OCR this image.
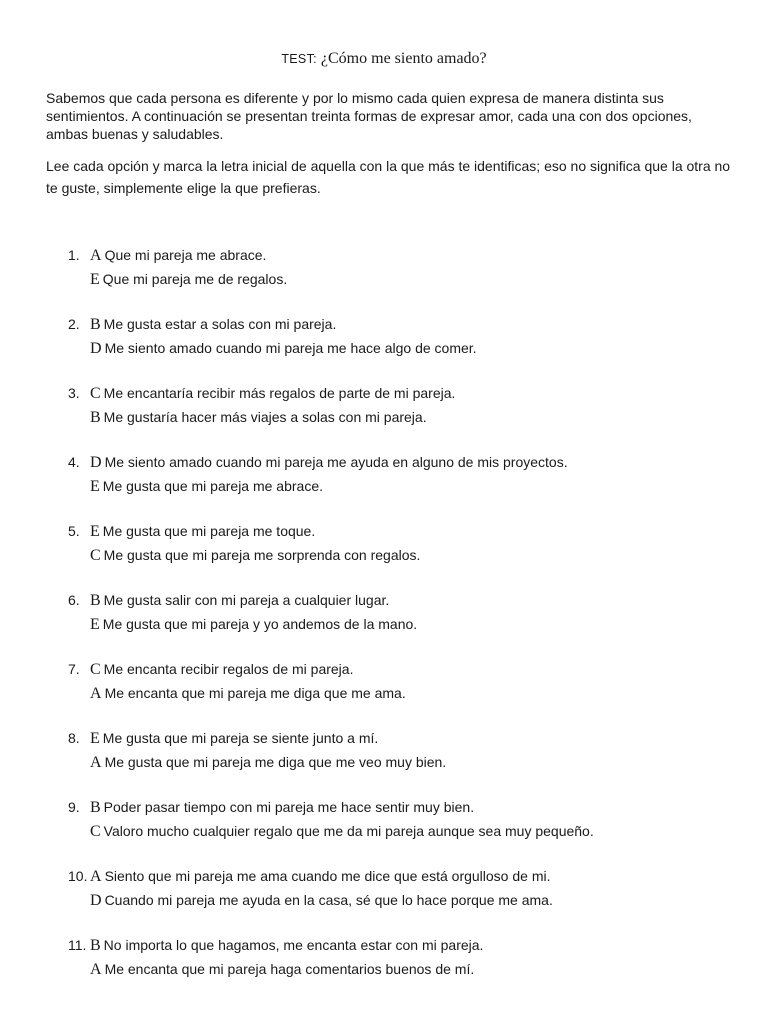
TEST: ¿Cómo me siento amado?

Sabemos que cada persona es diferente y por lo mismo cada quien expresa de manera distinta sus sentimientos. A continuación se presentan treinta formas de expresar amor, cada una con dos opciones, ambas buenas y saludables.

Lee cada opción y marca la letra inicial de aquella con la que más te identificas; eso no significa que la otra no te guste, simplemente elige la que prefieras.

1. A Que mi pareja me abrace.
E Que mi pareja me de regalos.
2. B Me gusta estar a solas con mi pareja.
D Me siento amado cuando mi pareja me hace algo de comer.
3. C Me encantaría recibir más regalos de parte de mi pareja.
B Me gustaría hacer más viajes a solas con mi pareja.
4. D Me siento amado cuando mi pareja me ayuda en alguno de mis proyectos.
E Me gusta que mi pareja me abrace.
5. E Me gusta que mi pareja me toque.
C Me gusta que mi pareja me sorprenda con regalos.
6. B Me gusta salir con mi pareja a cualquier lugar.
E Me gusta que mi pareja y yo andemos de la mano.
7. C Me encanta recibir regalos de mi pareja.
A Me encanta que mi pareja me diga que me ama.
8. E Me gusta que mi pareja se siente junto a mí.
A Me gusta que mi pareja me diga que me veo muy bien.
9. B Poder pasar tiempo con mi pareja me hace sentir muy bien.
C Valoro mucho cualquier regalo que me da mi pareja aunque sea muy pequeño.
10. A Siento que mi pareja me ama cuando me dice que está orgulloso de mi.
D Cuando mi pareja me ayuda en la casa, sé que lo hace porque me ama.
11. B No importa lo que hagamos, me encanta estar con mi pareja.
A Me encanta que mi pareja haga comentarios buenos de mí.
